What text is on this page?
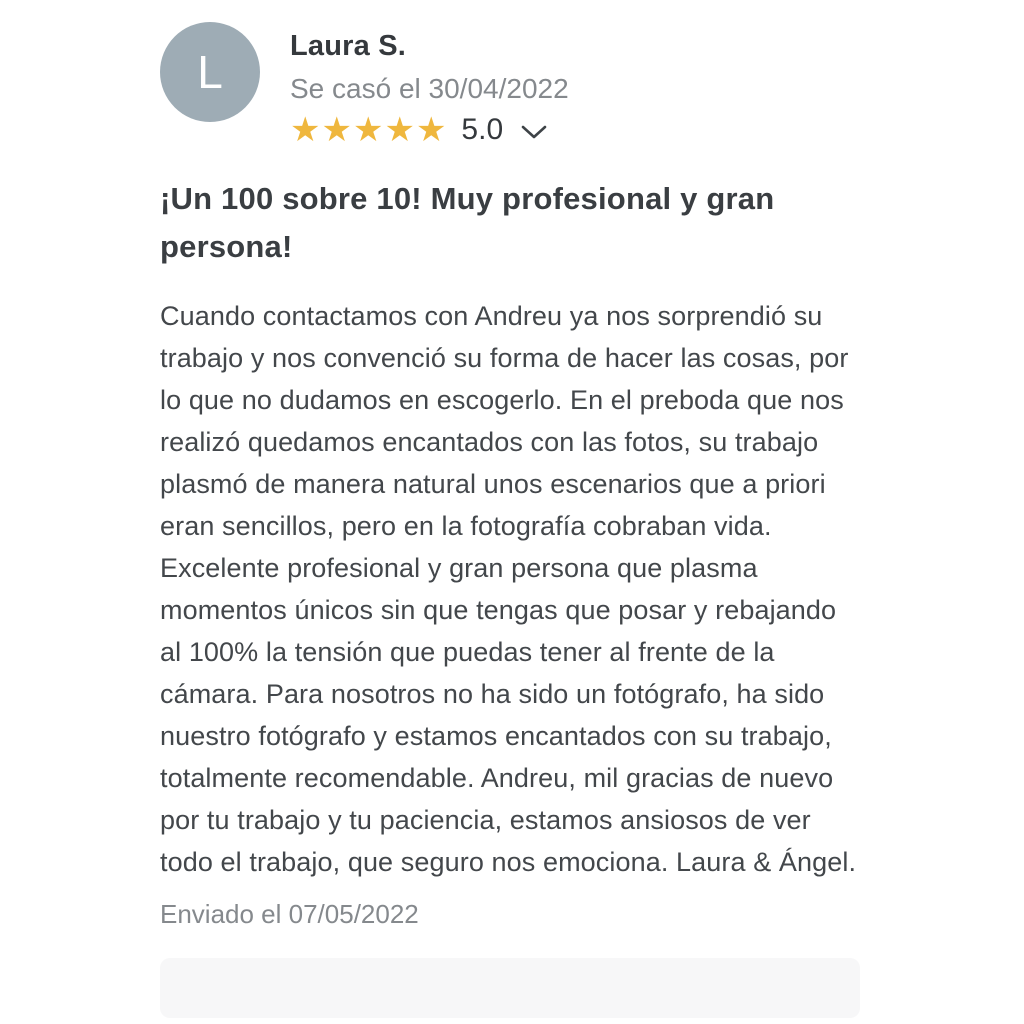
L Laura S.
Se casó el 30/04/2022
★★★★★ 5.0
¡Un 100 sobre 10! Muy profesional y gran persona!

Cuando contactamos con Andreu ya nos sorprendió su trabajo y nos convenció su forma de hacer las cosas, por lo que no dudamos en escogerlo. En el preboda que nos realizó quedamos encantados con las fotos, su trabajo plasmó de manera natural unos escenarios que a priori eran sencillos, pero en la fotografía cobraban vida. Excelente profesional y gran persona que plasma momentos únicos sin que tengas que posar y rebajando al 100% la tensión que puedas tener al frente de la cámara. Para nosotros no ha sido un fotógrafo, ha sido nuestro fotógrafo y estamos encantados con su trabajo, totalmente recomendable. Andreu, mil gracias de nuevo por tu trabajo y tu paciencia, estamos ansiosos de ver todo el trabajo, que seguro nos emociona. Laura & Ángel.

Enviado el 07/05/2022
